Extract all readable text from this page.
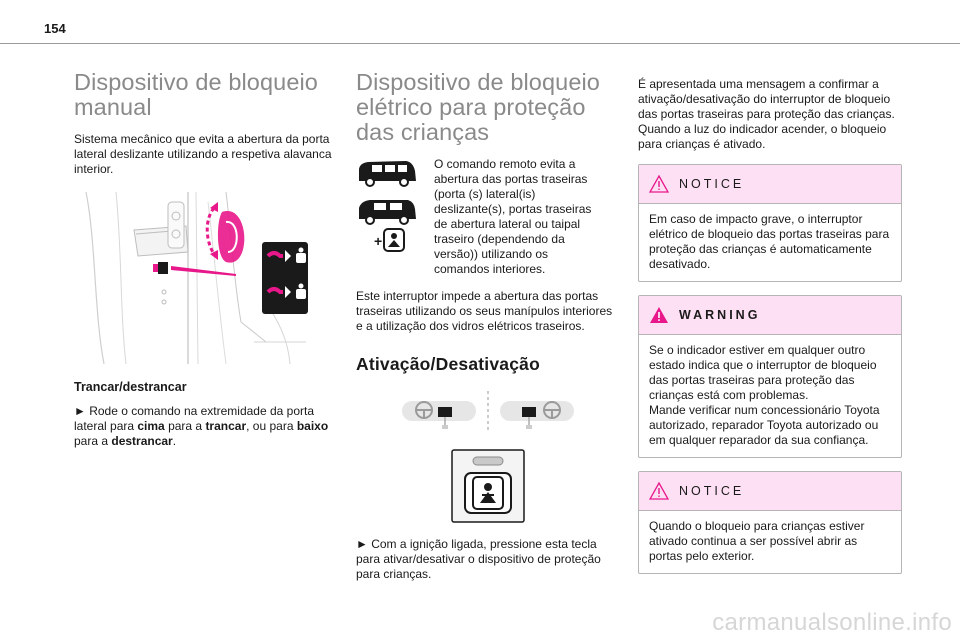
154
Dispositivo de bloqueio manual

Sistema mecânico que evita a abertura da porta lateral deslizante utilizando a respetiva alavanca interior.

Trancar/destrancar

► Rode o comando na extremidade da porta lateral para cima para a trancar, ou para baixo para a destrancar.

Dispositivo de bloqueio elétrico para proteção das crianças
+

O comando remoto evita a abertura das portas traseiras (porta (s) lateral(is) deslizante(s), portas traseiras de abertura lateral ou taipal traseiro (dependendo da versão)) utilizando os comandos interiores.

Este interruptor impede a abertura das portas traseiras utilizando os seus manípulos interiores e a utilização dos vidros elétricos traseiros.

Ativação/Desativação

► Com a ignição ligada, pressione esta tecla para ativar/desativar o dispositivo de proteção para crianças.

É apresentada uma mensagem a confirmar a ativação/desativação do interruptor de bloqueio das portas traseiras para proteção das crianças. Quando a luz do indicador acender, o bloqueio para crianças é ativado.

NOTICE
Em caso de impacto grave, o interruptor elétrico de bloqueio das portas traseiras para proteção das crianças é automaticamente desativado.
WARNING
Se o indicador estiver em qualquer outro estado indica que o interruptor de bloqueio das portas traseiras para proteção das crianças está com problemas.
Mande verificar num concessionário Toyota autorizado, reparador Toyota autorizado ou em qualquer reparador da sua confiança.
NOTICE
Quando o bloqueio para crianças estiver ativado continua a ser possível abrir as portas pelo exterior.
carmanualsonline.info
